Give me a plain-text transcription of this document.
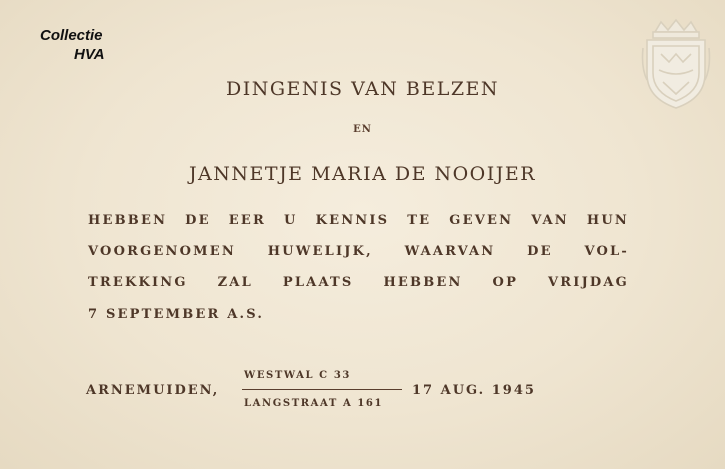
Collectie
HVA
DINGENIS VAN BELZEN
EN
JANNETJE MARIA DE NOOIJER
HEBBEN DE EER U KENNIS TE GEVEN VAN HUN
VOORGENOMEN HUWELIJK, WAARVAN DE VOL-
TREKKING ZAL PLAATS HEBBEN OP VRIJDAG
7 SEPTEMBER A.S.
ARNEMUIDEN,
WESTWAL C 33
LANGSTRAAT A 161
17 AUG. 1945
